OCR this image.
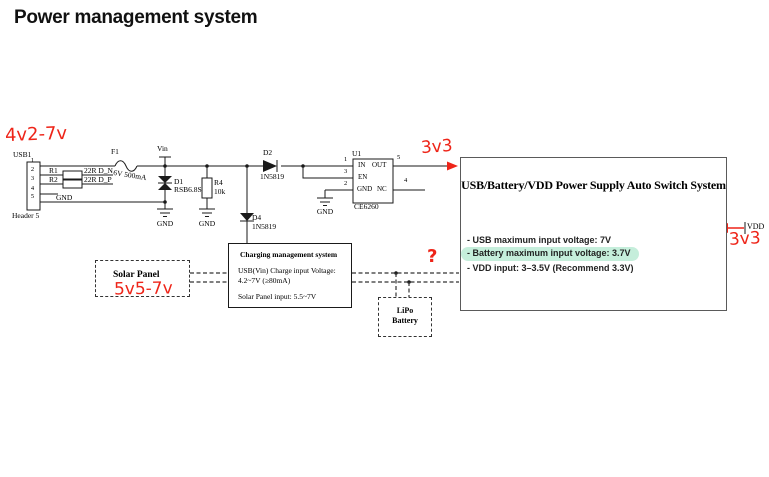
Power management system
4v2-7v
3v3
3v3
5v5-7v
?
USB1
Header 5
1
2
3
4
5	GND
R1	22R D_N
R2	22R D_P
F1
6V 500mA
Vin
D1
RSB6.8S
R4
10k
D2
1N5819
D4
1N5819
GND	GND
GND
U1
CE6260
IN OUT
EN
GND NC
1
3
2
5
4
Solar Panel
Charging management system
USB(Vin) Charge input Voltage:
4.2~7V (≥80mA)
Solar Panel input: 5.5~7V
LiPo
Battery
USB/Battery/VDD Power Supply Auto Switch System
- USB maximum input voltage: 7V
- Battery maximum input voltage: 3.7V
- VDD input: 3–3.5V (Recommend 3.3V)
VDD
